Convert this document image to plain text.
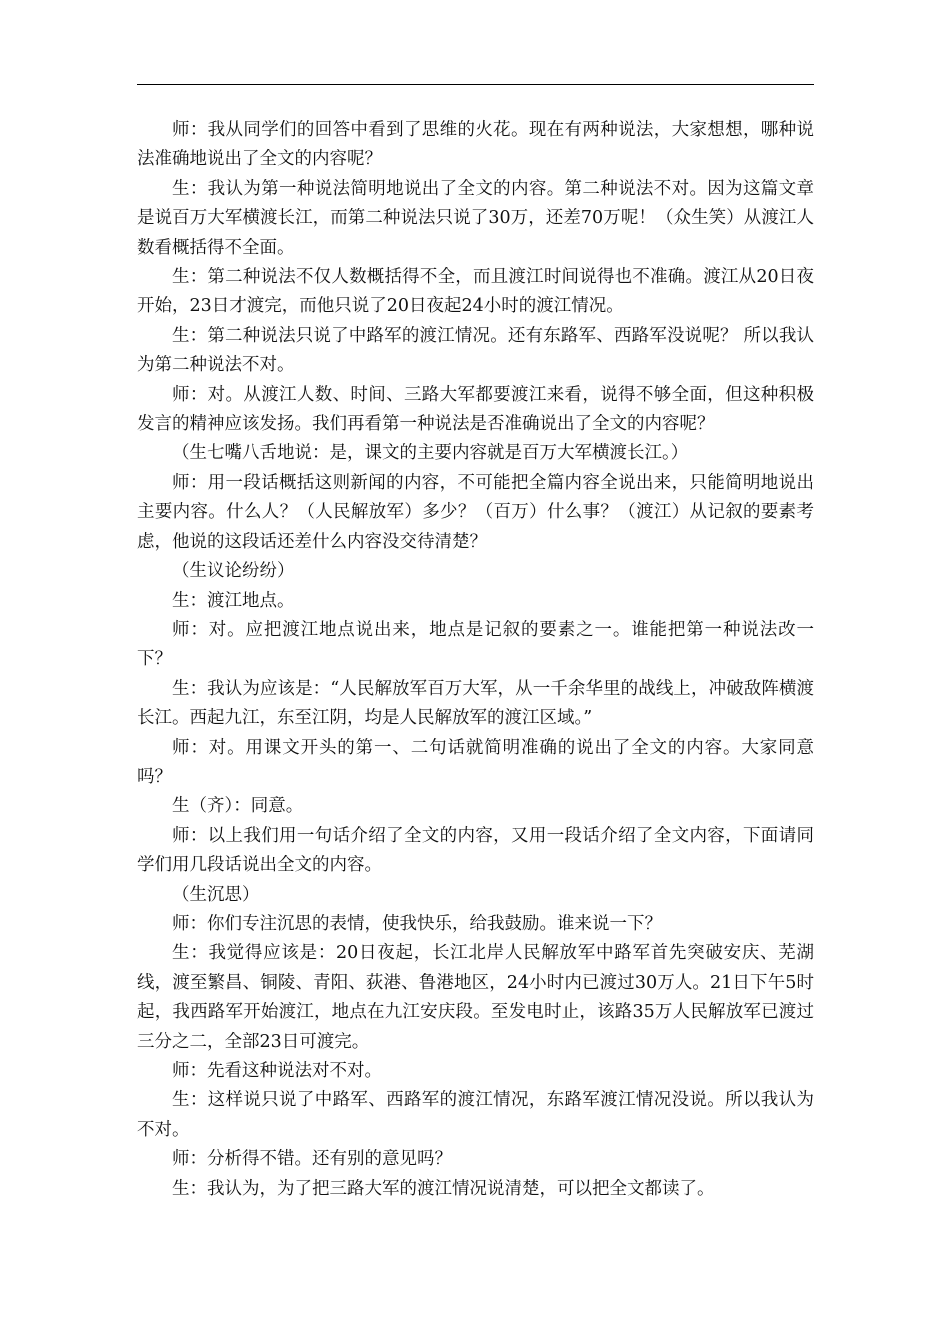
师：我从同学们的回答中看到了思维的火花。现在有两种说法，大家想想，哪种说法准确地说出了全文的内容呢？

生：我认为第一种说法简明地说出了全文的内容。第二种说法不对。因为这篇文章是说百万大军横渡长江，而第二种说法只说了30万，还差70万呢！（众生笑）从渡江人数看概括得不全面。

生：第二种说法不仅人数概括得不全，而且渡江时间说得也不准确。渡江从20日夜开始，23日才渡完，而他只说了20日夜起24小时的渡江情况。

生：第二种说法只说了中路军的渡江情况。还有东路军、西路军没说呢？ 所以我认为第二种说法不对。

师：对。从渡江人数、时间、三路大军都要渡江来看，说得不够全面，但这种积极发言的精神应该发扬。我们再看第一种说法是否准确说出了全文的内容呢？

（生七嘴八舌地说：是，课文的主要内容就是百万大军横渡长江。）

师：用一段话概括这则新闻的内容，不可能把全篇内容全说出来，只能简明地说出主要内容。什么人？（人民解放军）多少？（百万）什么事？（渡江）从记叙的要素考虑，他说的这段话还差什么内容没交待清楚？

（生议论纷纷）

生：渡江地点。

师：对。应把渡江地点说出来，地点是记叙的要素之一。谁能把第一种说法改一下？

生：我认为应该是：“人民解放军百万大军，从一千余华里的战线上，冲破敌阵横渡长江。西起九江，东至江阴，均是人民解放军的渡江区域。”

师：对。用课文开头的第一、二句话就简明准确的说出了全文的内容。大家同意吗？

生（齐）：同意。

师：以上我们用一句话介绍了全文的内容，又用一段话介绍了全文内容，下面请同学们用几段话说出全文的内容。

（生沉思）

师：你们专注沉思的表情，使我快乐，给我鼓励。谁来说一下？

生：我觉得应该是：20日夜起，长江北岸人民解放军中路军首先突破安庆、芜湖线，渡至繁昌、铜陵、青阳、荻港、鲁港地区，24小时内已渡过30万人。21日下午5时起，我西路军开始渡江，地点在九江安庆段。至发电时止，该路35万人民解放军已渡过三分之二，全部23日可渡完。

师：先看这种说法对不对。

生：这样说只说了中路军、西路军的渡江情况，东路军渡江情况没说。所以我认为不对。

师：分析得不错。还有别的意见吗？

生：我认为，为了把三路大军的渡江情况说清楚，可以把全文都读了。
